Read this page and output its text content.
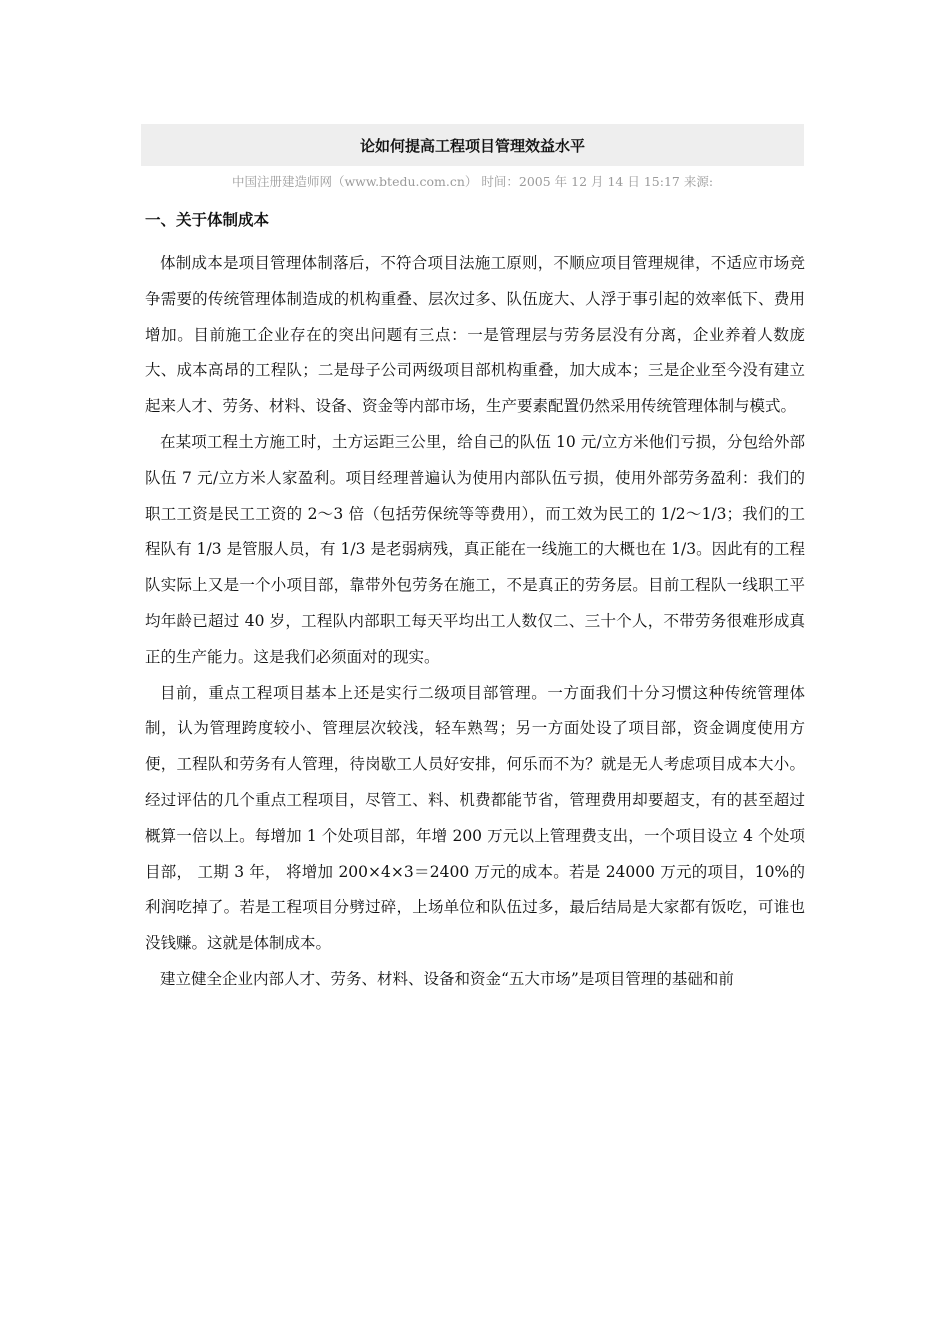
论如何提高工程项目管理效益水平
中国注册建造师网（www.btedu.com.cn） 时间：2005 年 12 月 14 日 15:17 来源:
一、关于体制成本

体制成本是项目管理体制落后，不符合项目法施工原则，不顺应项目管理规律，不适应市场竞争需要的传统管理体制造成的机构重叠、层次过多、队伍庞大、人浮于事引起的效率低下、费用增加。目前施工企业存在的突出问题有三点：一是管理层与劳务层没有分离，企业养着人数庞大、成本高昂的工程队；二是母子公司两级项目部机构重叠，加大成本；三是企业至今没有建立起来人才、劳务、材料、设备、资金等内部市场，生产要素配置仍然采用传统管理体制与模式。

在某项工程土方施工时，土方运距三公里，给自己的队伍 10 元/立方米他们亏损，分包给外部队伍 7 元/立方米人家盈利。项目经理普遍认为使用内部队伍亏损，使用外部劳务盈利：我们的职工工资是民工工资的 2～3 倍（包括劳保统等等费用），而工效为民工的 1/2～1/3；我们的工程队有 1/3 是管服人员，有 1/3 是老弱病残，真正能在一线施工的大概也在 1/3。因此有的工程队实际上又是一个小项目部，靠带外包劳务在施工，不是真正的劳务层。目前工程队一线职工平均年龄已超过 40 岁，工程队内部职工每天平均出工人数仅二、三十个人，不带劳务很难形成真正的生产能力。这是我们必须面对的现实。

目前，重点工程项目基本上还是实行二级项目部管理。一方面我们十分习惯这种传统管理体制，认为管理跨度较小、管理层次较浅，轻车熟驾；另一方面处设了项目部，资金调度使用方便，工程队和劳务有人管理，待岗歇工人员好安排，何乐而不为？就是无人考虑项目成本大小。经过评估的几个重点工程项目，尽管工、料、机费都能节省，管理费用却要超支，有的甚至超过概算一倍以上。每增加 1 个处项目部，年增 200 万元以上管理费支出，一个项目设立 4 个处项目部， 工期 3 年， 将增加 200×4×3＝2400 万元的成本。若是 24000 万元的项目，10%的利润吃掉了。若是工程项目分劈过碎，上场单位和队伍过多，最后结局是大家都有饭吃，可谁也没钱赚。这就是体制成本。

建立健全企业内部人才、劳务、材料、设备和资金“五大市场”是项目管理的基础和前
